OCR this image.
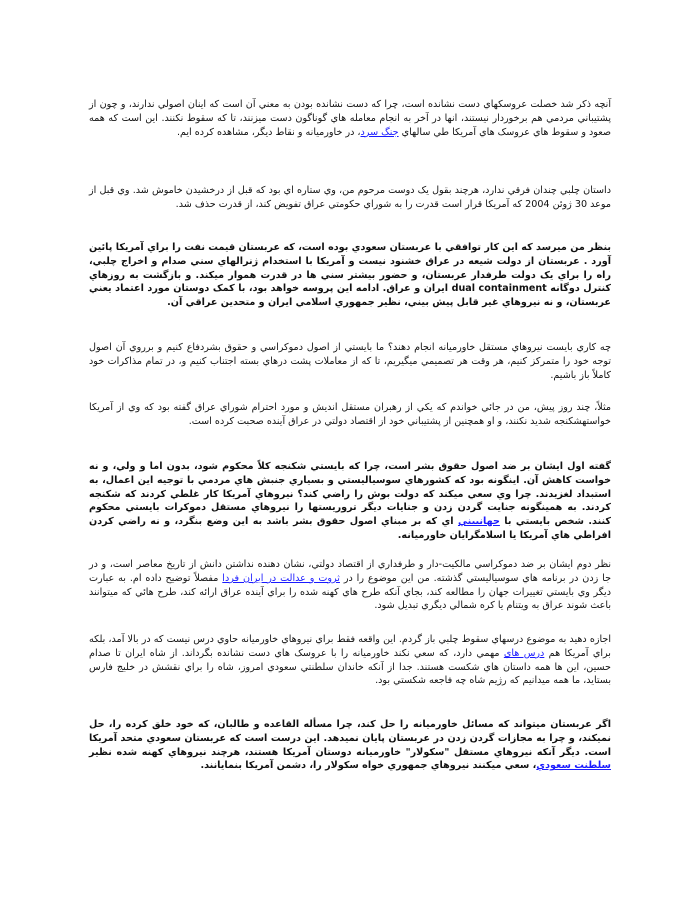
آنچه ذکر شد خصلت عروسکهاي دست نشانده است، چرا که دست نشانده بودن به معني آن است که اينان اصولي ندارند، و چون از پشتيباني مردمي هم برخوردار نيستند، انها در آخر به انجام معامله هاي گوناگون دست ميزنند، تا که سقوط نکنند. اين است که همه صعود و سقوط هاي عروسک هاي آمريکا طي سالهاي جنگ سرد، در خاورميانه و نقاط ديگر، مشاهده کرده ايم.

داستان چلبي چندان فرقي ندارد، هرچند بقول يک دوست مرحوم من، وي ستاره اي بود که قبل از درخشيدن خاموش شد. وي قبل از موعد 30 ژوئن 2004 که آمريکا قرار است قدرت را به شوراي حکومتي عراق تفويض کند، از قدرت حذف شد.

بنظر من ميرسد که اين کار توافقي با عربستان سعودي بوده است، که عربستان قيمت نفت را براي آمريکا پائين آورد . عربستان از دولت شيعه در عراق خشنود نيست و آمريکا با استخدام ژنرالهاي سني صدام و اخراج چلبي، راه را براي يک دولت طرفدار عربستان، و حضور بيشتر سني ها در قدرت هموار ميکند. و بازگشت به روزهاي کنترل دوگانه dual containment ايران و عراق. ادامه اين پروسه خواهد بود، با کمک دوستان مورد اعتماد يعني عربستان، و نه نيروهاي غير قابل پيش بيني، نظير جمهوري اسلامي ايران و متحدين عراقي آن.

چه کاري بايست نيروهاي مستقل خاورميانه انجام دهند؟ ما بايستي از اصول دموکراسي و حقوق بشردفاع کنيم و برروي آن اصول توجه خود را متمرکز کنيم، هر وقت هر تصميمي ميگيريم، تا که از معاملات پشت درهاي بسته اجتناب کنيم و، در تمام مذاکرات خود کاملاً باز باشيم.

مثلاً، چند روز پيش، من در جائي خواندم که يکي از رهبران مستقل انديش و مورد احترام شوراي عراق گفته بود که وي از آمريکا خواستهشکنجه شديد نکنند، و او همچنين از پشتيباني خود از اقتصاد دولتي در عراق آينده صحبت کرده است.

گفته اول ايشان بر ضد اصول حقوق بشر است، چرا که بايستي شکنجه کلاً محکوم شود، بدون اما و ولي، و نه خواست کاهش آن. اينگونه بود که کشورهاي سوسياليستي و بسياري جنبش هاي مردمي با توجيه اين اعمال، به استبداد لغزيدند. چرا وي سعي ميکند که دولت بوش را راضي کند؟ نيروهاي آمريکا کار غلطي کردند که شکنجه کردند. به همينگونه جنايت گردن زدن و جنايات ديگر تروريستها را نيروهاي مستقل دموکرات بايستي محکوم کنند. شخص بايستي با جهانبيني اي که بر مبناي اصول حقوق بشر باشد به اين وضع بنگرد، و نه راضي کردن افراطي هاي آمريکا يا اسلامگرايان خاورميانه.

نظر دوم ايشان بر ضد دموکراسي مالکيت-دار و طرفداري از اقتصاد دولتي، نشان دهنده نداشتن دانش از تاريخ معاصر است، و در جا زدن در برنامه هاي سوسياليستي گذشته. من اين موضوع را در ثروت و عدالت در ايران فردا مفصلاً توضيح داده ام. به عبارت ديگر وي بايستي تغييرات جهان را مطالعه کند، بجاي آنکه طرح هاي کهنه شده را براي آينده عراق ارائه کند، طرح هائي که ميتوانند باعث شوند عراق به ويتنام يا کره شمالي ديگري تبديل شود.

اجازه دهيد به موضوع درسهاي سقوط چلبي باز گردم. اين واقعه فقط براي نيروهاي خاورميانه حاوي درس نيست که در بالا آمد، بلکه براي آمريکا هم درس هاي مهمي دارد، که سعي نکند خاورميانه را با عروسک هاي دست نشانده بگرداند. از شاه ايران تا صدام حسين، اين ها همه داستان هاي شکست هستند. جدا از آنکه خاندان سلطنتي سعودي امروز، شاه را براي نقشش در خليج فارس بستايد، ما همه ميدانيم که رژيم شاه چه فاجعه شکستي بود.

اگر عربستان ميتواند که مسائل خاورميانه را حل کند، چرا مسأله القاعده و طالبان، که خود خلق کرده را، حل نميکند، و چرا به مجازات گردن زدن در عربستان پايان نميدهد. اين درست است که عربستان سعودي متحد آمريکا است. ديگر آنکه نيروهاي مستقل "سکولار" خاورميانه دوستان آمريکا هستند، هرچند نيروهاي کهنه شده نظير سلطنت سعودي، سعي ميکنند نيروهاي جمهوري خواه سکولار را، دشمن آمريکا بنمايانند.
